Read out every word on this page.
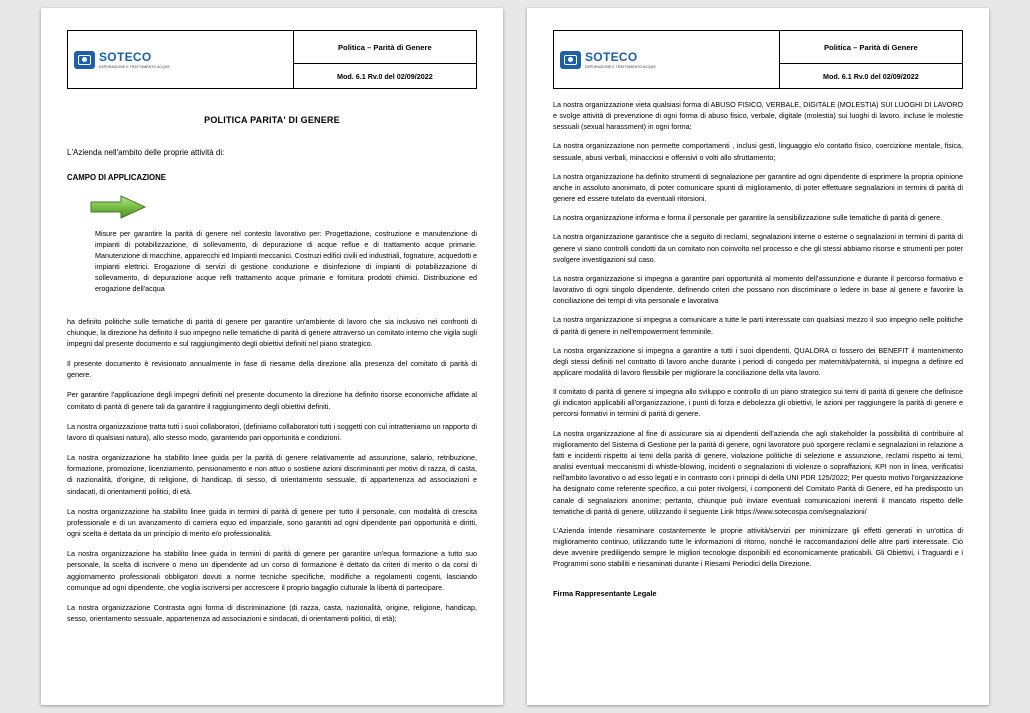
SOTECO
DEPURAZIONE E TRATTAMENTO ACQUE
	Politica – Parità di Genere
Mod. 6.1 Rv.0 del 02/09/2022
POLITICA PARITA' DI GENERE

L'Azienda nell'ambito delle proprie attività di:

CAMPO DI APPLICAZIONE

Misure per garantire la parità di genere nel contesto lavorativo per: Progettazione, costruzione e manutenzione di impianti di potabilizzazione, di sollevamento, di depurazione di acque reflue e di trattamento acque primarie. Manutenzione di macchine, apparecchi ed Impianti meccanici. Costruzi edifici civili ed industriali, fognature, acquedotti e impianti elettrici. Erogazione di servizi di gestione conduzione e disinfezione di impianti di potabilizzazione di sollevamento, di depurazione acque refli trattamento acque primarie e fornitura prodotti chimici. Distribuzione ed erogazione dell'acqua

ha definito politiche sulle tematiche di parità di genere per garantire un'ambiente di lavoro che sia inclusivo nei confronti di chiunque, la direzione ha definito il suo impegno nelle tematiche di parità di genere attraverso un comitato interno che vigila sugli impegni dal presente documento e sul raggiungimento degli obiettivi definiti nel piano strategico.

Il presente documento è revisionato annualmente in fase di riesame della direzione alla presenza del comitato di parità di genere.

Per garantire l'applicazione degli impegni definiti nel presente documento la direzione ha definito risorse economiche affidate al comitato di parità di genere tali da garantire il raggiungimento degli obiettivi definiti.

La nostra organizzazione tratta tutti i suoi collaboratori, (definiamo collaboratori tutti i soggetti con cui intratteniamo un rapporto di lavoro di qualsiasi natura), allo stesso modo, garantendo pari opportunità e condizioni.

La nostra organizzazione ha stabilito linee guida per la parità di genere relativamente ad assunzione, salario, retribuzione, formazione, promozione, licenziamento, pensionamento e non attuo o sostiene azioni discriminanti per motivi di razza, di casta, di nazionalità, d'origine, di religione, di handicap, di sesso, di orientamento sessuale, di appartenenza ad associazioni e sindacati, di orientamenti politici, di età.

La nostra organizzazione ha stabilito linee guida in termini di parità di genere per tutto il personale, con modalità di crescita professionale e di un avanzamento di carriera equo ed imparziale, sono garantiti ad ogni dipendente pari opportunità e diritti, ogni scelta è dettata da un principio di merito e/o professionalità.

La nostra organizzazione ha stabilito linee guida in termini di parità di genere per garantire un'equa formazione a tutto suo personale, la scelta di iscrivere o meno un dipendente ad un corso di formazione è dettato da criteri di merito o da corsi di aggiornamento professionali obbligatori dovuti a norme tecniche specifiche, modifiche a regolamenti cogenti, lasciando comunque ad ogni dipendente, che voglia iscriversi per accrescere il proprio bagaglio culturale la libertà di partecipare.

La nostra organizzazione Contrasta ogni forma di discriminazione (di razza, casta, nazionalità, origine, religione, handicap, sesso, orientamento sessuale, appartenenza ad associazioni e sindacati, di orientamenti politici, di età);

SOTECO
DEPURAZIONE E TRATTAMENTO ACQUE
	Politica – Parità di Genere
Mod. 6.1 Rv.0 del 02/09/2022

La nostra organizzazione vieta qualsiasi forma di ABUSO FISICO, VERBALE, DIGITALE (MOLESTIA) SUI LUOGHI DI LAVORO e svolge attività di prevenzione di ogni forma di abuso fisico, verbale, digitale (molestia) sui luoghi di lavoro. incluse le molestie sessuali (sexual harassment) in ogni forma;

La nostra organizzazione non permette comportamenti , inclusi gesti, linguaggio e/o contatto fisico, coercizione mentale, fisica, sessuale, abusi verbali, minacciosi e offensivi o volti allo sfruttamento;

La nostra organizzazione ha definito strumenti di segnalazione per garantire ad ogni dipendente di esprimere la propria opinione anche in assoluto anonimato, di poter comunicare spunti di miglioramento, di poter effettuare segnalazioni in termini di parità di genere ed essere tutelato da eventuali ritorsioni.

La nostra organizzazione informa e forma il personale per garantire la sensibilizzazione sulle tematiche di parità di genere.

La nostra organizzazione garantisce che a seguito di reclami, segnalazioni interne o esterne o segnalazioni in termini di parità di genere vi siano controlli condotti da un comitato non coinvolto nel processo e che gli stessi abbiamo risorse e strumenti per poter svolgere investigazioni sul caso.

La nostra organizzazione si impegna a garantire pari opportunità al momento dell'assunzione e durante il percorso formativo e lavorativo di ogni singolo dipendente, definendo criteri che possano non discriminare o ledere in base al genere e favorire la conciliazione dei tempi di vita personale e lavorativa

La nostra organizzazione si impegna a comunicare a tutte le parti interessate con qualsiasi mezzo il suo impegno nelle politiche di parità di genere in nell'empowerment femminile.

La nostra organizzazione si impegna a garantire a tutti i suoi dipendenti, QUALORA ci fossero dei BENEFIT il mantenimento degli stessi definiti nel contratto di lavoro anche durante i periodi di congedo per maternità/paternità, si impegna a definire ed applicare modalità di lavoro flessibile per migliorare la conciliazione della vita lavoro.

Il comitato di parità di genere si impegna allo sviluppo e controllo di un piano strategico sui temi di parità di genere che definisce gli indicatori applicabili all'organizzazione, i punti di forza e debolezza gli obiettivi, le azioni per raggiungere la parità di genere e percorsi formativi in termini di parità di genere.

La nostra organizzazione al fine di assicurare sia ai dipendenti dell'azienda che agli stakeholder la possibilità di contribuire al miglioramento del Sistema di Gestione per la parità di genere, ogni lavoratore può sporgere reclami e segnalazioni in relazione a fatti e incidenti rispetto ai temi della parità di genere, violazione politiche di selezione e assunzione, reclami rispetto ai temi, analisi eventuali meccanismi di whistle-blowing, incidenti o segnalazioni di violenze o sopraffazioni, KPI non in linea, verificatisi nell'ambito lavorativo o ad esso legati e in contrasto con i principi di della UNI PDR 125/2022; Per questo motivo l'organizzazione ha designato come referente specifico, a cui poter rivolgersi, i componenti del Comitato Parità di Genere, ed ha predisposto un canale di segnalazioni anonime; pertanto, chiunque può inviare eventuali comunicazioni inerenti il mancato rispetto delle tematiche di parità di genere, utilizzando il seguente Link https://www.sotecospa.com/segnalazioni/

L'Azienda intende riesaminare costantemente le proprie attività/servizi per minimizzare gli effetti generati in un'ottica di miglioramento continuo, utilizzando tutte le informazioni di ritorno, nonché le raccomandazioni delle altre parti interessate. Ciò deve avvenire prediligendo sempre le migliori tecnologie disponibili ed economicamente praticabili. Gli Obiettivi, i Traguardi e i Programmi sono stabiliti e riesaminati durante i Riesami Periodici della Direzione.

Firma Rappresentante Legale
